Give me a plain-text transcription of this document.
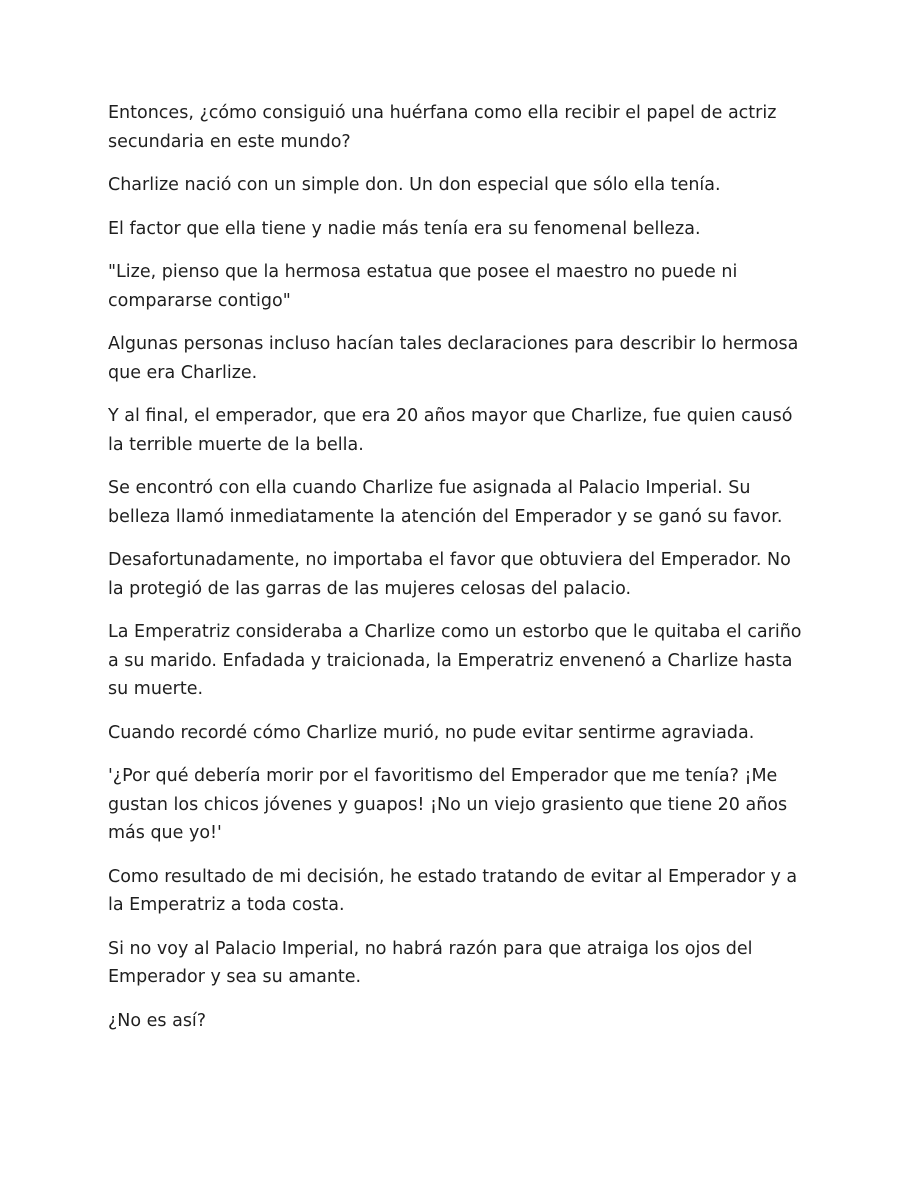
Entonces, ¿cómo consiguió una huérfana como ella recibir el papel de actriz secundaria en este mundo?

Charlize nació con un simple don. Un don especial que sólo ella tenía.

El factor que ella tiene y nadie más tenía era su fenomenal belleza.

"Lize, pienso que la hermosa estatua que posee el maestro no puede ni compararse contigo"

Algunas personas incluso hacían tales declaraciones para describir lo hermosa que era Charlize.

Y al final, el emperador, que era 20 años mayor que Charlize, fue quien causó la terrible muerte de la bella.

Se encontró con ella cuando Charlize fue asignada al Palacio Imperial. Su belleza llamó inmediatamente la atención del Emperador y se ganó su favor.

Desafortunadamente, no importaba el favor que obtuviera del Emperador. No la protegió de las garras de las mujeres celosas del palacio.

La Emperatriz consideraba a Charlize como un estorbo que le quitaba el cariño a su marido. Enfadada y traicionada, la Emperatriz envenenó a Charlize hasta su muerte.

Cuando recordé cómo Charlize murió, no pude evitar sentirme agraviada.

'¿Por qué debería morir por el favoritismo del Emperador que me tenía? ¡Me gustan los chicos jóvenes y guapos! ¡No un viejo grasiento que tiene 20 años más que yo!'

Como resultado de mi decisión, he estado tratando de evitar al Emperador y a la Emperatriz a toda costa.

Si no voy al Palacio Imperial, no habrá razón para que atraiga los ojos del Emperador y sea su amante.

¿No es así?
